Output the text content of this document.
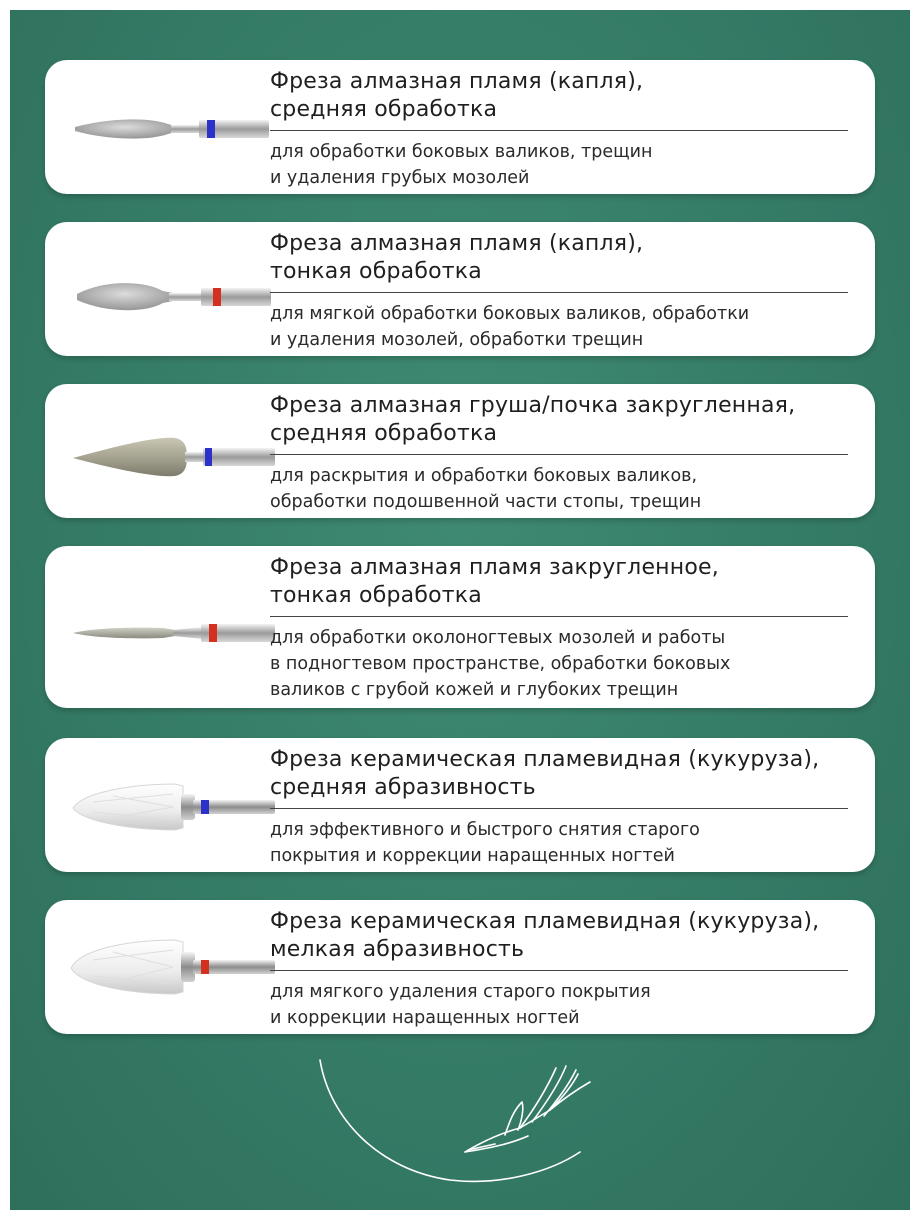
Фреза алмазная пламя (капля),
средняя обработка
для обработки боковых валиков, трещин
и удаления грубых мозолей
Фреза алмазная пламя (капля),
тонкая обработка
для мягкой обработки боковых валиков, обработки
и удаления мозолей, обработки трещин
Фреза алмазная груша/почка закругленная,
средняя обработка
для раскрытия и обработки боковых валиков,
обработки подошвенной части стопы, трещин
Фреза алмазная пламя закругленное,
тонкая обработка
для обработки околоногтевых мозолей и работы
в подногтевом пространстве, обработки боковых
валиков с грубой кожей и глубоких трещин
Фреза керамическая пламевидная (кукуруза),
средняя абразивность
для эффективного и быстрого снятия старого
покрытия и коррекции наращенных ногтей
Фреза керамическая пламевидная (кукуруза),
мелкая абразивность
для мягкого удаления старого покрытия
и коррекции наращенных ногтей
